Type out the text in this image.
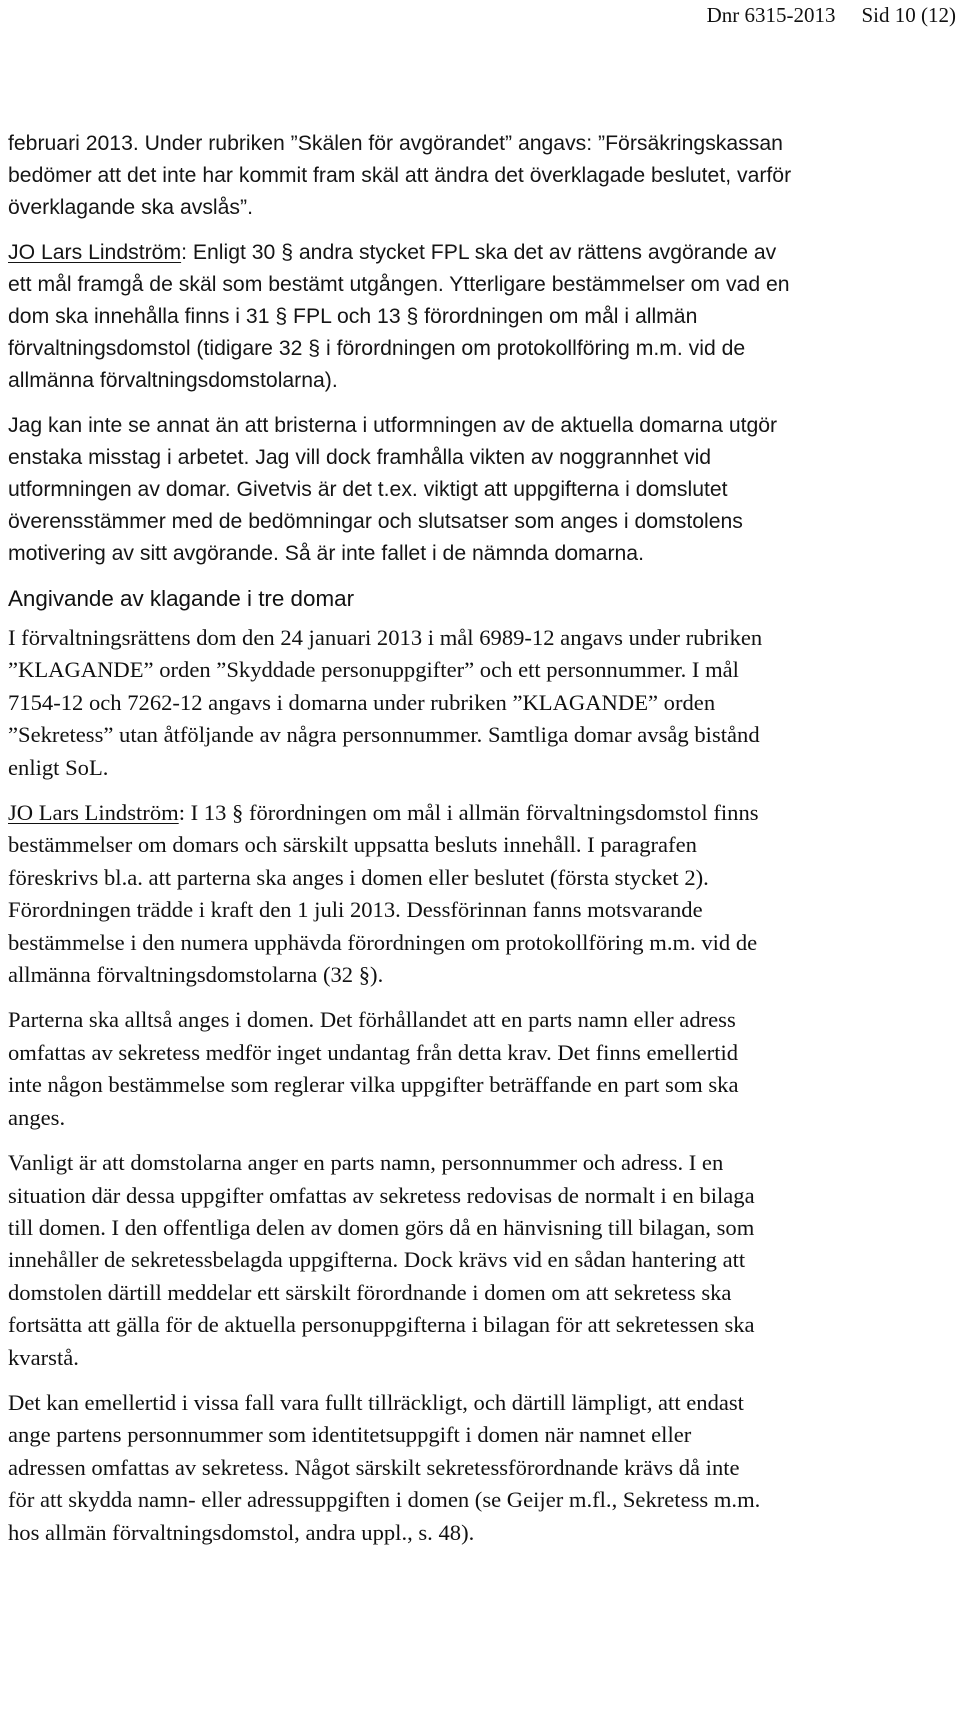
Dnr 6315-2013 Sid 10 (12)
februari 2013. Under rubriken ”Skälen för avgörandet” angavs: ”Försäkringskassan
bedömer att det inte har kommit fram skäl att ändra det överklagade beslutet, varför
överklagande ska avslås”.
JO Lars Lindström: Enligt 30 § andra stycket FPL ska det av rättens avgörande av
ett mål framgå de skäl som bestämt utgången. Ytterligare bestämmelser om vad en
dom ska innehålla finns i 31 § FPL och 13 § förordningen om mål i allmän
förvaltningsdomstol (tidigare 32 § i förordningen om protokollföring m.m. vid de
allmänna förvaltningsdomstolarna).
Jag kan inte se annat än att bristerna i utformningen av de aktuella domarna utgör
enstaka misstag i arbetet. Jag vill dock framhålla vikten av noggrannhet vid
utformningen av domar. Givetvis är det t.ex. viktigt att uppgifterna i domslutet
överensstämmer med de bedömningar och slutsatser som anges i domstolens
motivering av sitt avgörande. Så är inte fallet i de nämnda domarna.
Angivande av klagande i tre domar
I förvaltningsrättens dom den 24 januari 2013 i mål 6989-12 angavs under rubriken
”KLAGANDE” orden ”Skyddade personuppgifter” och ett personnummer. I mål
7154-12 och 7262-12 angavs i domarna under rubriken ”KLAGANDE” orden
”Sekretess” utan åtföljande av några personnummer. Samtliga domar avsåg bistånd
enligt SoL.
JO Lars Lindström: I 13 § förordningen om mål i allmän förvaltningsdomstol finns
bestämmelser om domars och särskilt uppsatta besluts innehåll. I paragrafen
föreskrivs bl.a. att parterna ska anges i domen eller beslutet (första stycket 2).
Förordningen trädde i kraft den 1 juli 2013. Dessförinnan fanns motsvarande
bestämmelse i den numera upphävda förordningen om protokollföring m.m. vid de
allmänna förvaltningsdomstolarna (32 §).
Parterna ska alltså anges i domen. Det förhållandet att en parts namn eller adress
omfattas av sekretess medför inget undantag från detta krav. Det finns emellertid
inte någon bestämmelse som reglerar vilka uppgifter beträffande en part som ska
anges.
Vanligt är att domstolarna anger en parts namn, personnummer och adress. I en
situation där dessa uppgifter omfattas av sekretess redovisas de normalt i en bilaga
till domen. I den offentliga delen av domen görs då en hänvisning till bilagan, som
innehåller de sekretessbelagda uppgifterna. Dock krävs vid en sådan hantering att
domstolen därtill meddelar ett särskilt förordnande i domen om att sekretess ska
fortsätta att gälla för de aktuella personuppgifterna i bilagan för att sekretessen ska
kvarstå.
Det kan emellertid i vissa fall vara fullt tillräckligt, och därtill lämpligt, att endast
ange partens personnummer som identitetsuppgift i domen när namnet eller
adressen omfattas av sekretess. Något särskilt sekretessförordnande krävs då inte
för att skydda namn- eller adressuppgiften i domen (se Geijer m.fl., Sekretess m.m.
hos allmän förvaltningsdomstol, andra uppl., s. 48).
